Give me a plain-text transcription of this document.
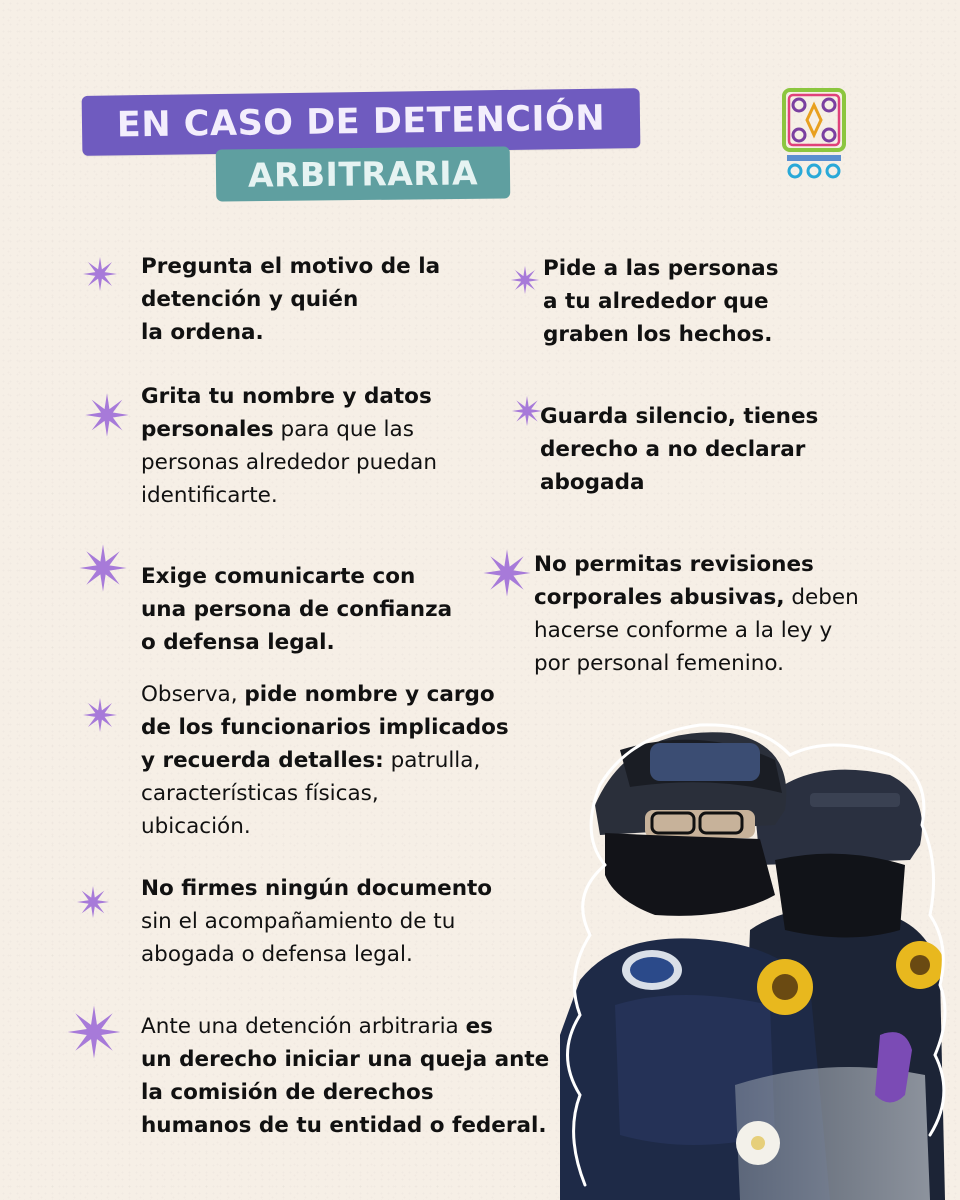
EN CASO DE DETENCIÓN
ARBITRARIA
Pregunta el motivo de la
detención y quién
la ordena.
Grita tu nombre y datos
personales para que las
personas alrededor puedan
identificarte.
Exige comunicarte con
una persona de confianza
o defensa legal.
Observa, pide nombre y cargo
de los funcionarios implicados
y recuerda detalles: patrulla,
características físicas,
ubicación.
No firmes ningún documento
sin el acompañamiento de tu
abogada o defensa legal.
Ante una detención arbitraria es
un derecho iniciar una queja ante
la comisión de derechos
humanos de tu entidad o federal.
Pide a las personas
a tu alrededor que
graben los hechos.
Guarda silencio, tienes
derecho a no declarar
abogada
No permitas revisiones
corporales abusivas, deben
hacerse conforme a la ley y
por personal femenino.
